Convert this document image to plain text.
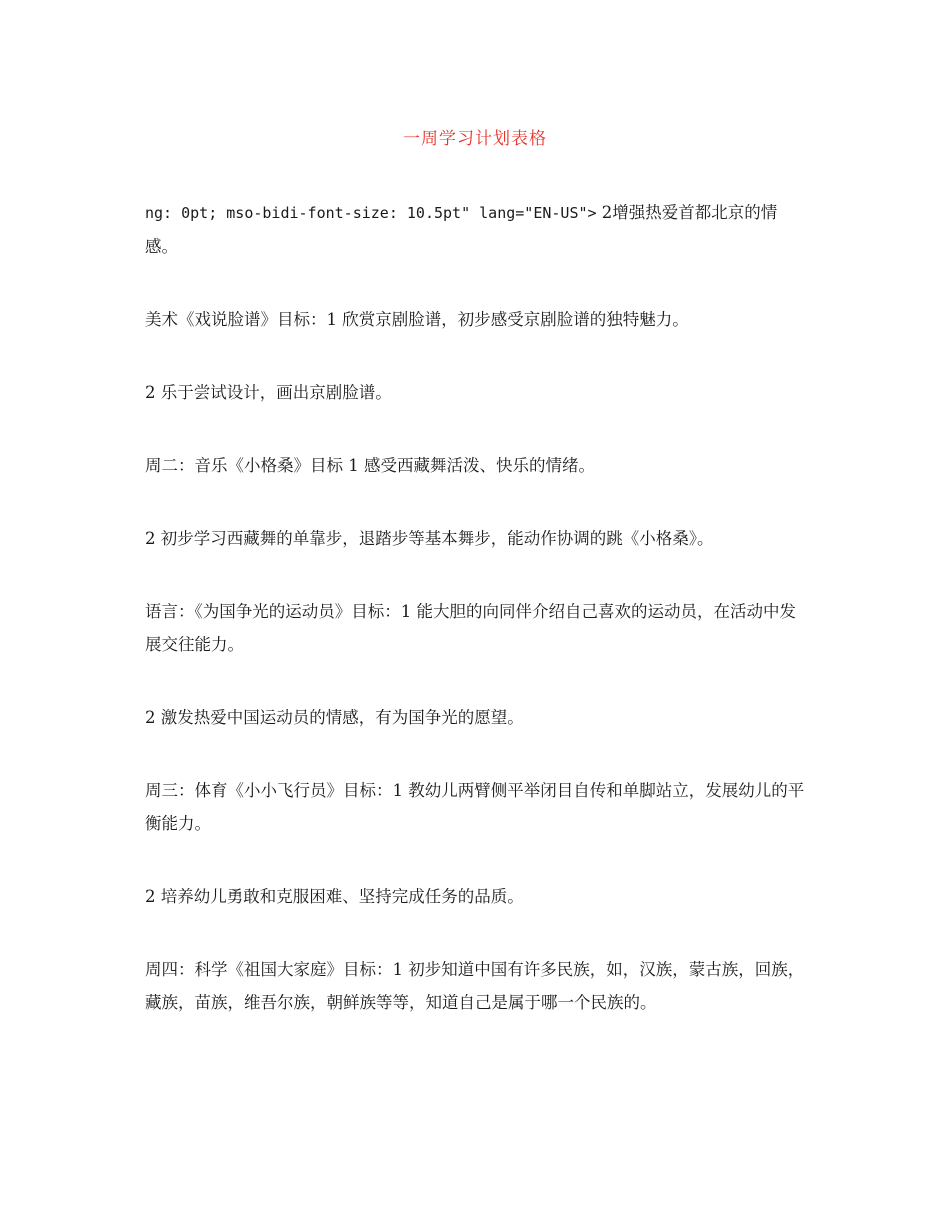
一周学习计划表格

ng: 0pt; mso-bidi-font-size: 10.5pt" lang="EN-US"> 2增强热爱首都北京的情感。

美术《戏说脸谱》目标：1 欣赏京剧脸谱，初步感受京剧脸谱的独特魅力。

2 乐于尝试设计，画出京剧脸谱。

周二：音乐《小格桑》目标 1 感受西藏舞活泼、快乐的情绪。

2 初步学习西藏舞的单靠步，退踏步等基本舞步，能动作协调的跳《小格桑》。

语言：《为国争光的运动员》目标：1 能大胆的向同伴介绍自己喜欢的运动员，在活动中发展交往能力。

2 激发热爱中国运动员的情感，有为国争光的愿望。

周三：体育《小小飞行员》目标：1 教幼儿两臂侧平举闭目自传和单脚站立，发展幼儿的平衡能力。

2 培养幼儿勇敢和克服困难、坚持完成任务的品质。

周四：科学《祖国大家庭》目标：1 初步知道中国有许多民族，如，汉族，蒙古族，回族，藏族，苗族，维吾尔族，朝鲜族等等，知道自己是属于哪一个民族的。
